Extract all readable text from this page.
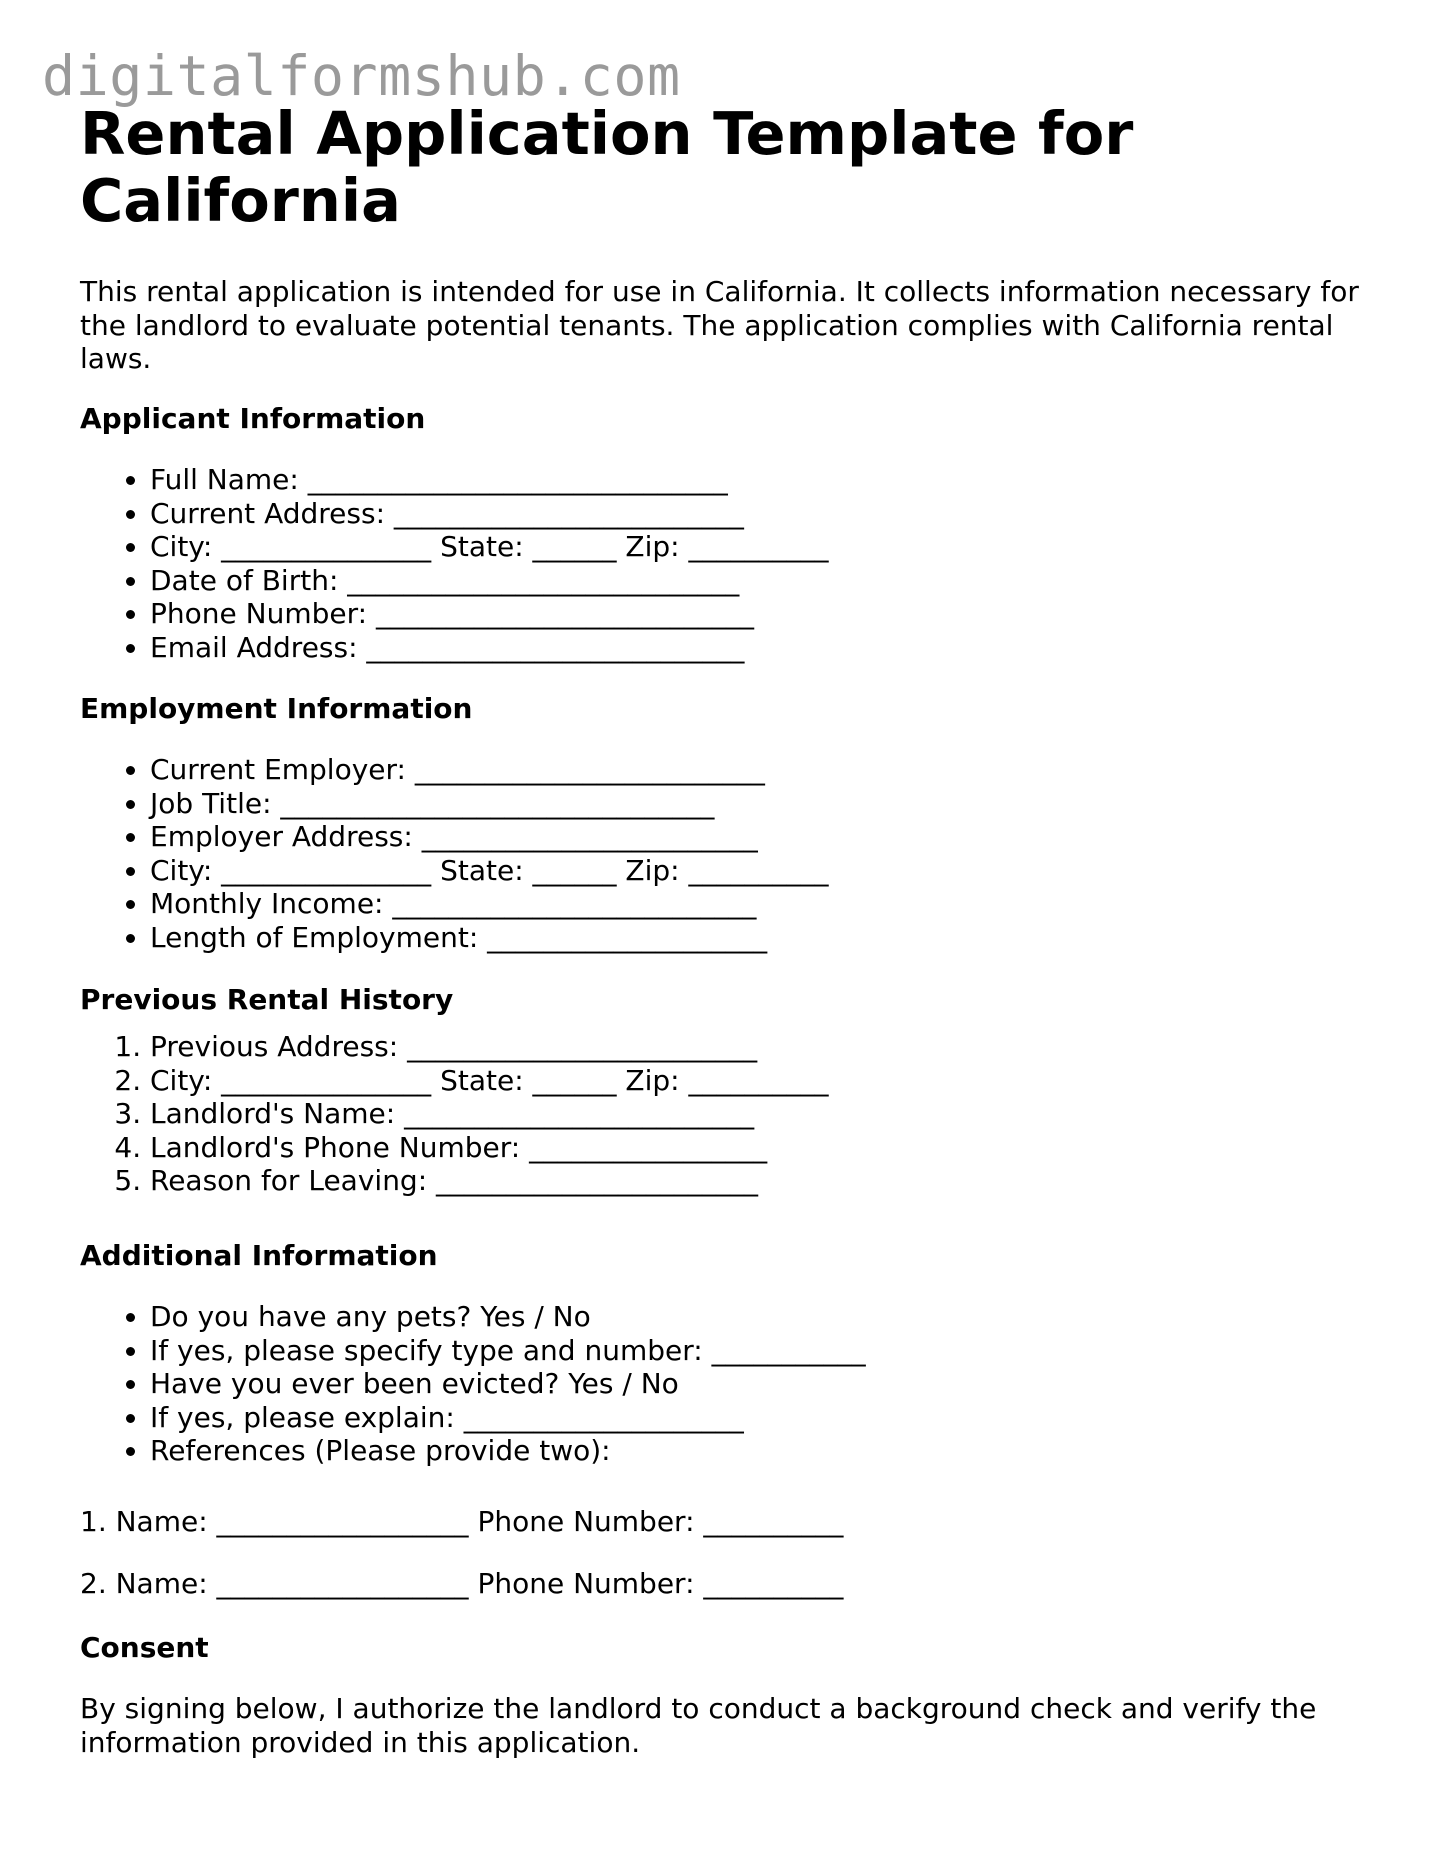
digitalformshub.com
Rental Application Template for California

This rental application is intended for use in California. It collects information necessary for the landlord to evaluate potential tenants. The application complies with California rental laws.

Applicant Information
• Full Name: ______________________________
• Current Address: _________________________
• City: _______________ State: ______ Zip: __________
• Date of Birth: ____________________________
• Phone Number: ___________________________
• Email Address: ___________________________
Employment Information
• Current Employer: _________________________
• Job Title: _______________________________
• Employer Address: ________________________
• City: _______________ State: ______ Zip: __________
• Monthly Income: __________________________
• Length of Employment: ____________________
Previous Rental History
1. Previous Address: _________________________
2. City: _______________ State: ______ Zip: __________
3. Landlord's Name: _________________________
4. Landlord's Phone Number: _________________
5. Reason for Leaving: _______________________
Additional Information
• Do you have any pets? Yes / No
• If yes, please specify type and number: ___________
• Have you ever been evicted? Yes / No
• If yes, please explain: ____________________
• References (Please provide two):

1. Name: __________________ Phone Number: __________

2. Name: __________________ Phone Number: __________

Consent

By signing below, I authorize the landlord to conduct a background check and verify the information provided in this application.
